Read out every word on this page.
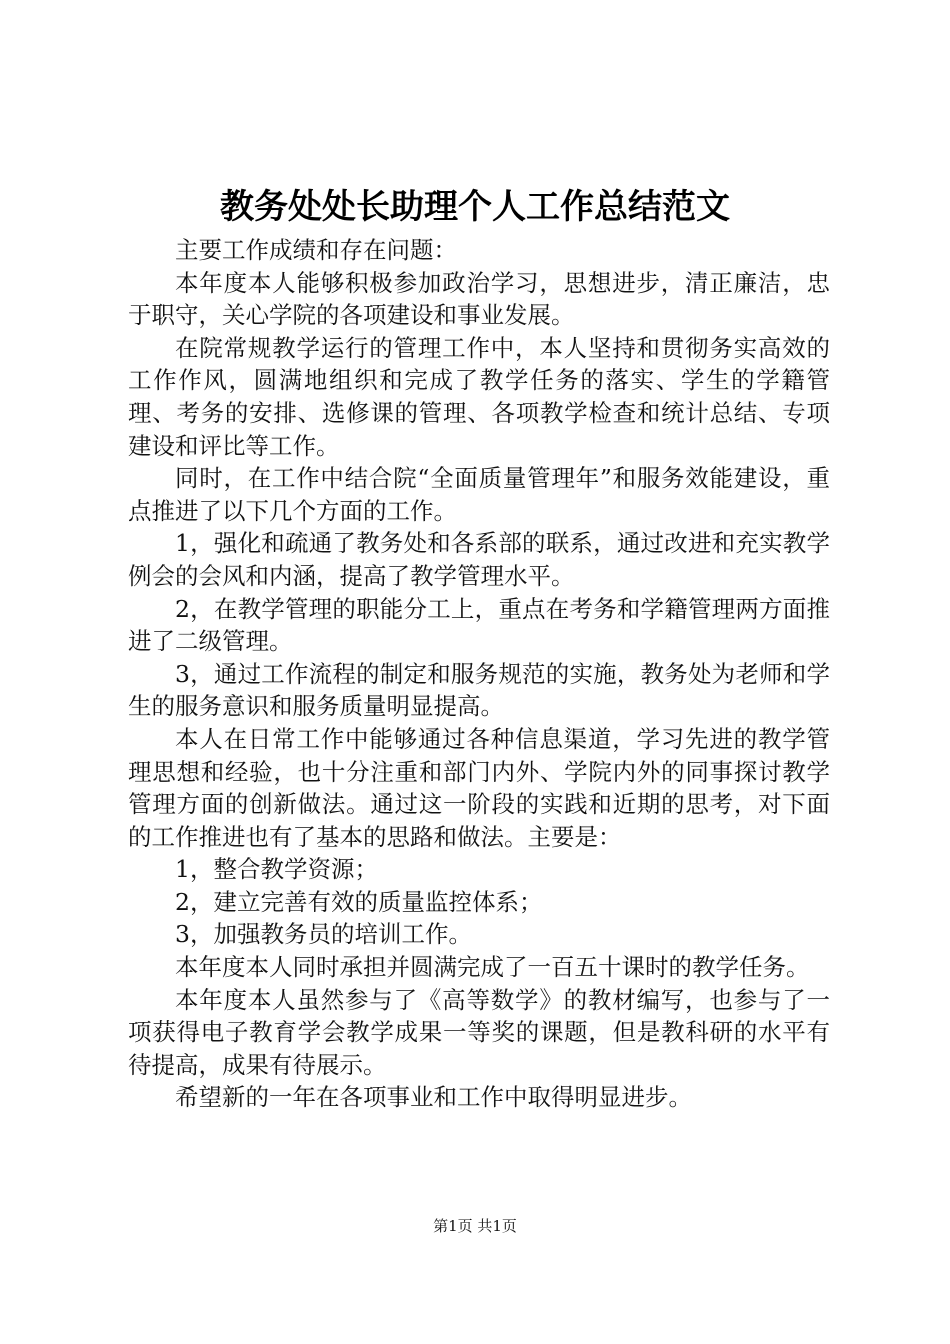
教务处处长助理个人工作总结范文

主要工作成绩和存在问题：

本年度本人能够积极参加政治学习，思想进步，清正廉洁，忠于职守，关心学院的各项建设和事业发展。

在院常规教学运行的管理工作中，本人坚持和贯彻务实高效的工作作风，圆满地组织和完成了教学任务的落实、学生的学籍管理、考务的安排、选修课的管理、各项教学检查和统计总结、专项建设和评比等工作。

同时，在工作中结合院“全面质量管理年”和服务效能建设，重点推进了以下几个方面的工作。

1，强化和疏通了教务处和各系部的联系，通过改进和充实教学例会的会风和内涵，提高了教学管理水平。

2，在教学管理的职能分工上，重点在考务和学籍管理两方面推进了二级管理。

3，通过工作流程的制定和服务规范的实施，教务处为老师和学生的服务意识和服务质量明显提高。

本人在日常工作中能够通过各种信息渠道，学习先进的教学管理思想和经验，也十分注重和部门内外、学院内外的同事探讨教学管理方面的创新做法。通过这一阶段的实践和近期的思考，对下面的工作推进也有了基本的思路和做法。主要是：

1，整合教学资源；

2，建立完善有效的质量监控体系；

3，加强教务员的培训工作。

本年度本人同时承担并圆满完成了一百五十课时的教学任务。

本年度本人虽然参与了《高等数学》的教材编写，也参与了一项获得电子教育学会教学成果一等奖的课题，但是教科研的水平有待提高，成果有待展示。

希望新的一年在各项事业和工作中取得明显进步。

第1页 共1页
